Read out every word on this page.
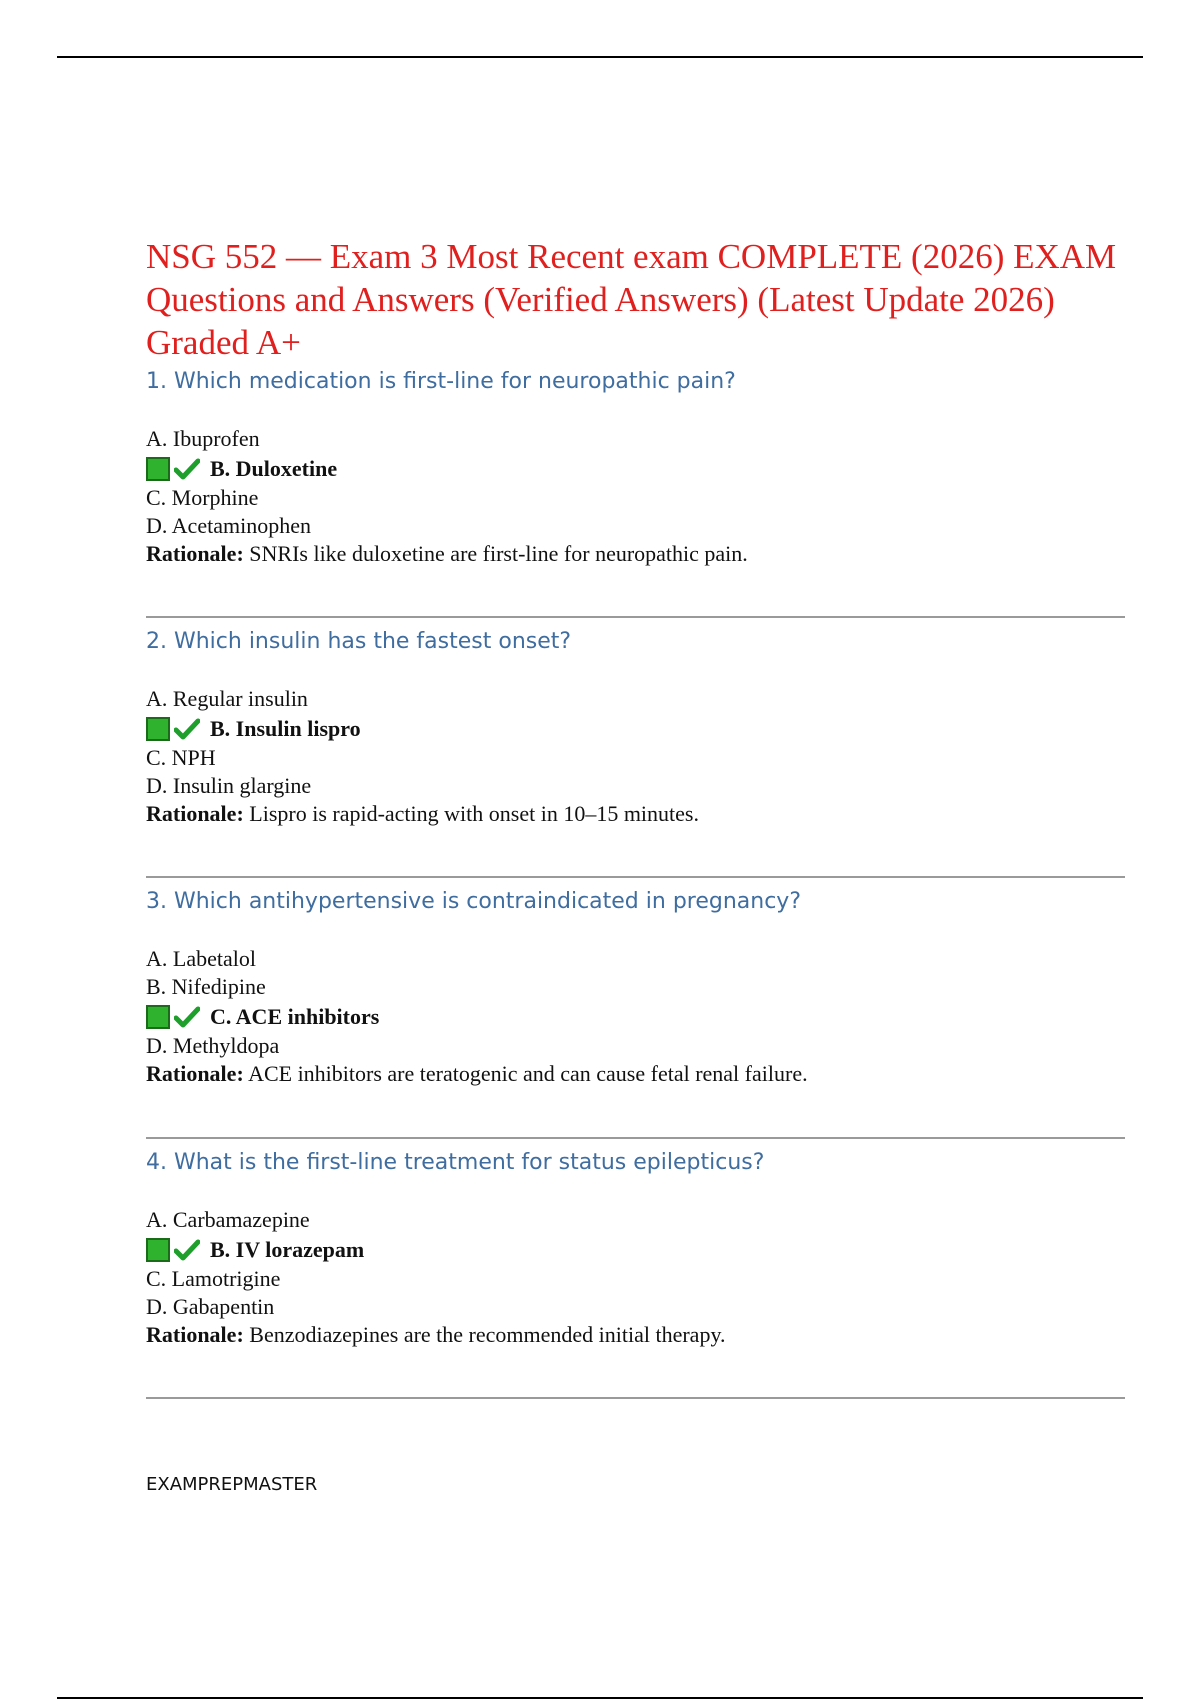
NSG 552 — Exam 3 Most Recent exam COMPLETE (2026) EXAM Questions and Answers (Verified Answers) (Latest Update 2026) Graded A+
1. Which medication is first-line for neuropathic pain?
A. Ibuprofen
B. Duloxetine
C. Morphine
D. Acetaminophen
Rationale: SNRIs like duloxetine are first-line for neuropathic pain.
2. Which insulin has the fastest onset?
A. Regular insulin
B. Insulin lispro
C. NPH
D. Insulin glargine
Rationale: Lispro is rapid-acting with onset in 10–15 minutes.
3. Which antihypertensive is contraindicated in pregnancy?
A. Labetalol
B. Nifedipine
C. ACE inhibitors
D. Methyldopa
Rationale: ACE inhibitors are teratogenic and can cause fetal renal failure.
4. What is the first-line treatment for status epilepticus?
A. Carbamazepine
B. IV lorazepam
C. Lamotrigine
D. Gabapentin
Rationale: Benzodiazepines are the recommended initial therapy.

EXAMPREPMASTER
